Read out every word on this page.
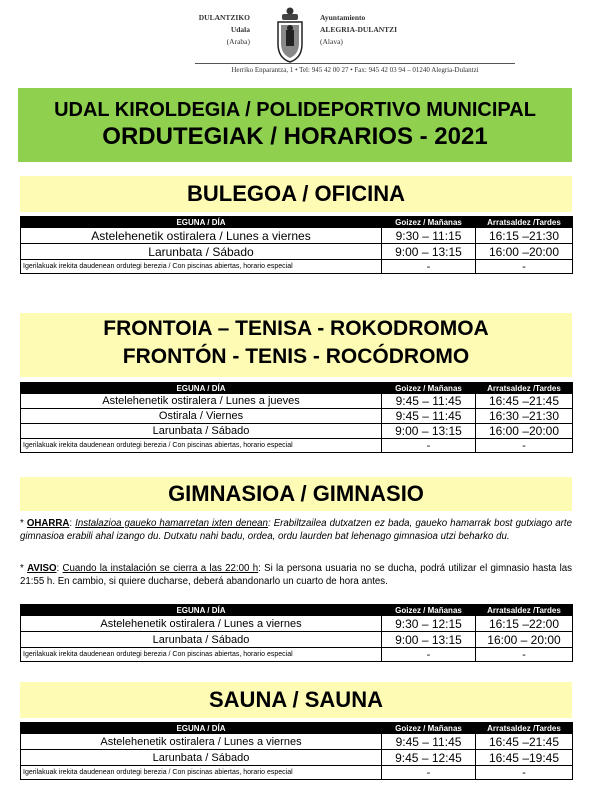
DULANTZIKO
Udala
(Araba)
Ayuntamiento
ALEGRIA-DULANTZI
(Alava)
Herriko Enparantza, 1 • Tel: 945 42 00 27 • Fax: 945 42 03 94 – 01240 Alegria-Dulantzi
UDAL KIROLDEGIA / POLIDEPORTIVO MUNICIPAL
ORDUTEGIAK / HORARIOS - 2021
BULEGOA / OFICINA
EGUNA / DÍA	Goizez / Mañanas	Arratsaldez /Tardes
Astelehenetik ostiralera / Lunes a viernes	9:30 – 11:15	16:15 –21:30
Larunbata / Sábado	9:00 – 13:15	16:00 –20:00
Igerilakuak irekita daudenean ordutegi berezia / Con piscinas abiertas, horario especial	-	-
FRONTOIA – TENISA - ROKODROMOA
FRONTÓN - TENIS - ROCÓDROMO
EGUNA / DÍA	Goizez / Mañanas	Arratsaldez /Tardes
Astelehenetik ostiralera / Lunes a jueves	9:45 – 11:45	16:45 –21:45
Ostirala / Viernes	9:45 – 11:45	16:30 –21:30
Larunbata / Sábado	9:00 – 13:15	16:00 –20:00
Igerilakuak irekita daudenean ordutegi berezia / Con piscinas abiertas, horario especial	-	-
GIMNASIOA / GIMNASIO
* OHARRA: Instalazioa gaueko hamarretan ixten denean: Erabiltzailea dutxatzen ez bada, gaueko hamarrak bost gutxiago arte gimnasioa erabili ahal izango du. Dutxatu nahi badu, ordea, ordu laurden bat lehenago gimnasioa utzi beharko du.
* AVISO: Cuando la instalación se cierra a las 22:00 h: Si la persona usuaria no se ducha, podrá utilizar el gimnasio hasta las 21:55 h. En cambio, si quiere ducharse, deberá abandonarlo un cuarto de hora antes.
EGUNA / DÍA	Goizez / Mañanas	Arratsaldez /Tardes
Astelehenetik ostiralera / Lunes a viernes	9:30 – 12:15	16:15 –22:00
Larunbata / Sábado	9:00 – 13:15	16:00 – 20:00
Igerilakuak irekita daudenean ordutegi berezia / Con piscinas abiertas, horario especial	-	-
SAUNA / SAUNA
EGUNA / DÍA	Goizez / Mañanas	Arratsaldez /Tardes
Astelehenetik ostiralera / Lunes a viernes	9:45 – 11:45	16:45 –21:45
Larunbata / Sábado	9:45 – 12:45	16:45 –19:45
Igerilakuak irekita daudenean ordutegi berezia / Con piscinas abiertas, horario especial	-	-
